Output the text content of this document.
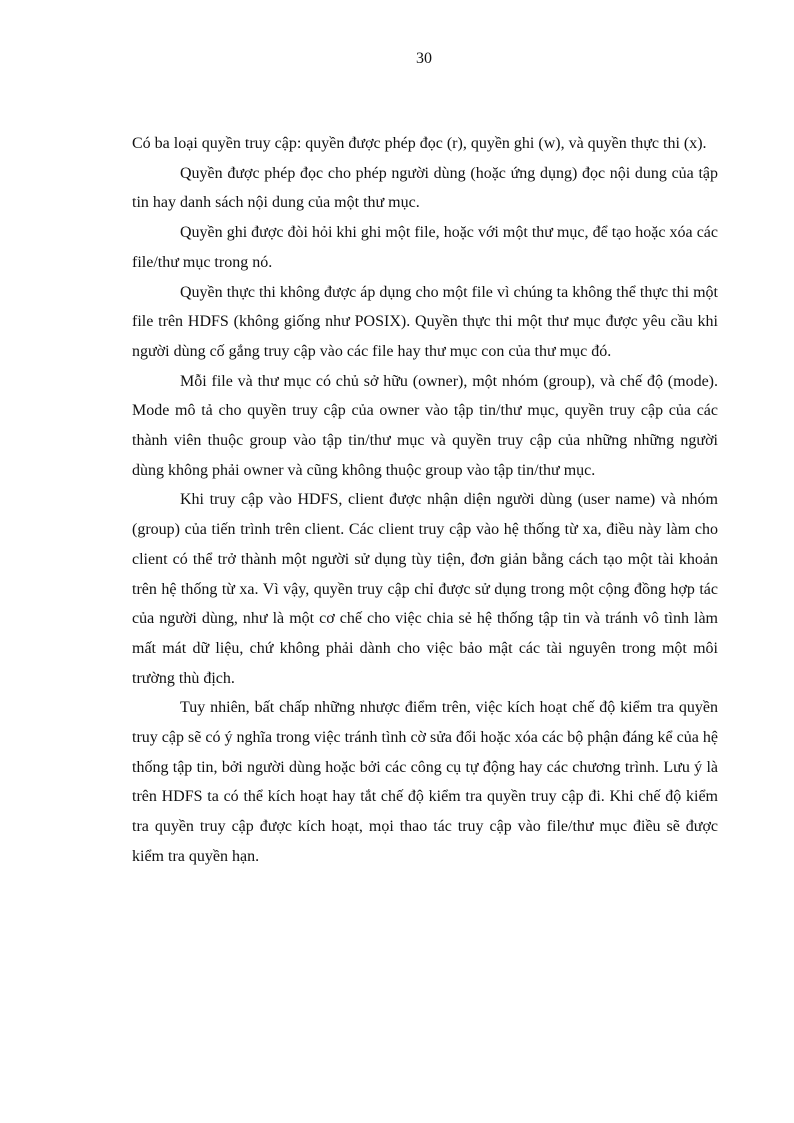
30

Có ba loại quyền truy cập: quyền được phép đọc (r), quyền ghi (w), và quyền thực thi (x).

Quyền được phép đọc cho phép người dùng (hoặc ứng dụng) đọc nội dung của tập tin hay danh sách nội dung của một thư mục.

Quyền ghi được đòi hỏi khi ghi một file, hoặc với một thư mục, để tạo hoặc xóa các file/thư mục trong nó.

Quyền thực thi không được áp dụng cho một file vì chúng ta không thể thực thi một file trên HDFS (không giống như POSIX). Quyền thực thi một thư mục được yêu cầu khi người dùng cố gắng truy cập vào các file hay thư mục con của thư mục đó.

Mỗi file và thư mục có chủ sở hữu (owner), một nhóm (group), và chế độ (mode). Mode mô tả cho quyền truy cập của owner vào tập tin/thư mục, quyền truy cập của các thành viên thuộc group vào tập tin/thư mục và quyền truy cập của những những người dùng không phải owner và cũng không thuộc group vào tập tin/thư mục.

Khi truy cập vào HDFS, client được nhận diện người dùng (user name) và nhóm (group) của tiến trình trên client. Các client truy cập vào hệ thống từ xa, điều này làm cho client có thể trở thành một người sử dụng tùy tiện, đơn giản bằng cách tạo một tài khoản trên hệ thống từ xa. Vì vậy, quyền truy cập chỉ được sử dụng trong một cộng đồng hợp tác của người dùng, như là một cơ chế cho việc chia sẻ hệ thống tập tin và tránh vô tình làm mất mát dữ liệu, chứ không phải dành cho việc bảo mật các tài nguyên trong một môi trường thù địch.

Tuy nhiên, bất chấp những nhược điểm trên, việc kích hoạt chế độ kiểm tra quyền truy cập sẽ có ý nghĩa trong việc tránh tình cờ sửa đổi hoặc xóa các bộ phận đáng kể của hệ thống tập tin, bởi người dùng hoặc bởi các công cụ tự động hay các chương trình. Lưu ý là trên HDFS ta có thể kích hoạt hay tắt chế độ kiểm tra quyền truy cập đi. Khi chế độ kiểm tra quyền truy cập được kích hoạt, mọi thao tác truy cập vào file/thư mục điều sẽ được kiểm tra quyền hạn.
